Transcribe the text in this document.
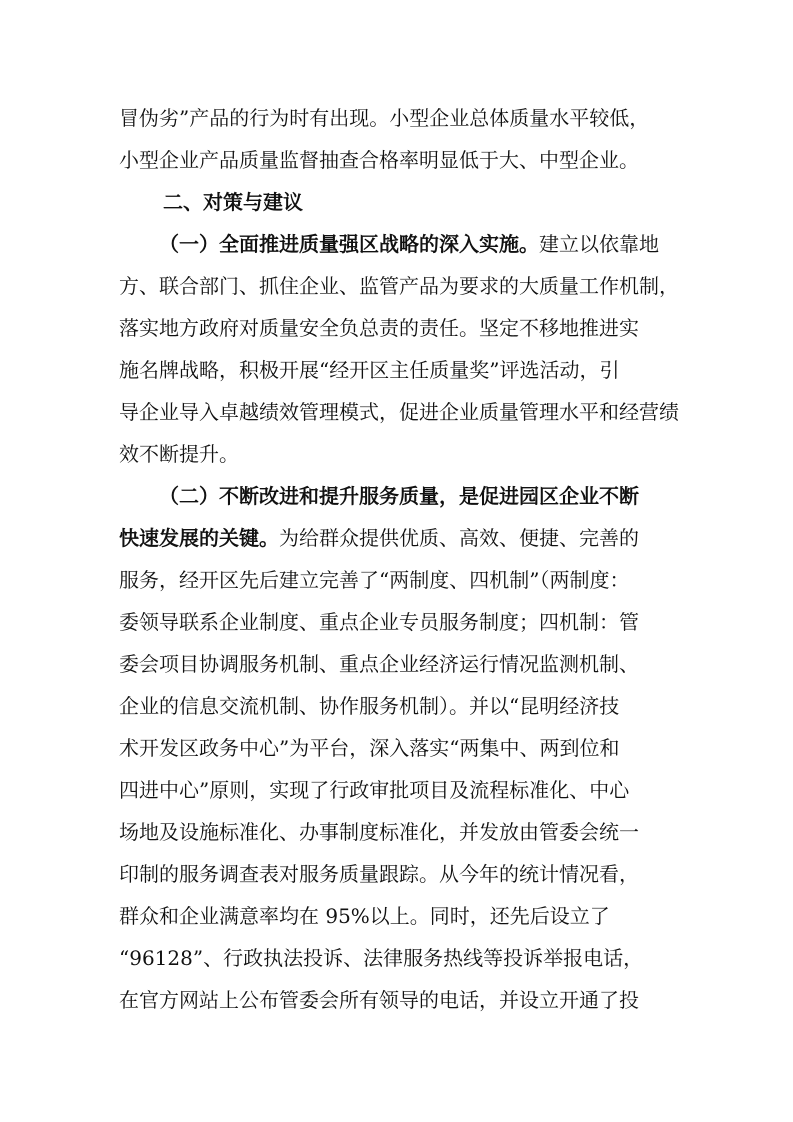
冒伪劣”产品的行为时有出现。小型企业总体质量水平较低，
小型企业产品质量监督抽查合格率明显低于大、中型企业。
二、对策与建议
（一）全面推进质量强区战略的深入实施。建立以依靠地
方、联合部门、抓住企业、监管产品为要求的大质量工作机制，
落实地方政府对质量安全负总责的责任。坚定不移地推进实
施名牌战略，积极开展“经开区主任质量奖”评选活动，引
导企业导入卓越绩效管理模式，促进企业质量管理水平和经营绩
效不断提升。
（二）不断改进和提升服务质量，是促进园区企业不断
快速发展的关键。为给群众提供优质、高效、便捷、完善的
服务，经开区先后建立完善了“两制度、四机制”（两制度：
委领导联系企业制度、重点企业专员服务制度；四机制：管
委会项目协调服务机制、重点企业经济运行情况监测机制、
企业的信息交流机制、协作服务机制）。并以“昆明经济技
术开发区政务中心”为平台，深入落实“两集中、两到位和
四进中心”原则，实现了行政审批项目及流程标准化、中心
场地及设施标准化、办事制度标准化，并发放由管委会统一
印制的服务调查表对服务质量跟踪。从今年的统计情况看，
群众和企业满意率均在 95%以上。同时，还先后设立了
“96128”、行政执法投诉、法律服务热线等投诉举报电话，
在官方网站上公布管委会所有领导的电话，并设立开通了投
